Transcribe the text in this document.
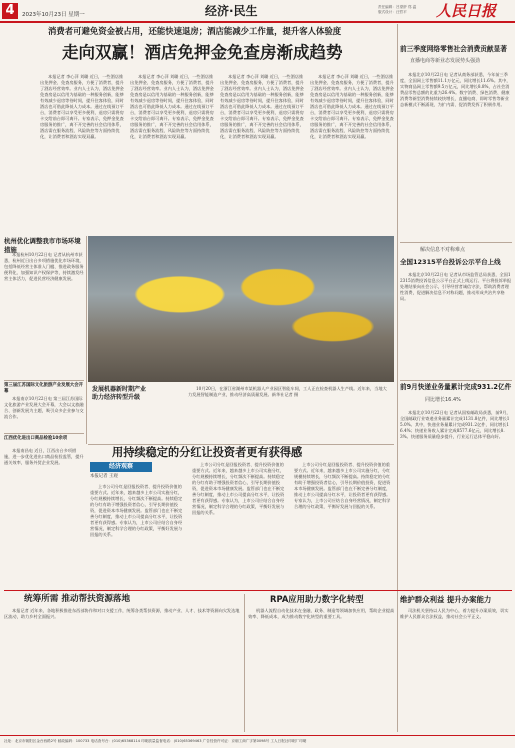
4	2023年10月23日 星期一	经济·民生	责任编辑：吕望舒 郑 温
版式设计：汪哲平	人民日报
消费者可避免资金被占用，还能快速退房；酒店能减少工作量，提升客人体验度
走向双赢！酒店免押金免查房渐成趋势

本报记者 李心萍 刘璐 近日，一些酒店推出免押金、免查房服务，方便了消费者，提升了酒店经营效率。业内人士认为，酒店免押金免查房是以信用为基础的一种服务创新，能够有效减少退房等待时间，提升住客体验，同时酒店也可借此降低人力成本。通过在线预订平台，消费者可以享受更多便利，退房只需将房卡交给前台即可离开。专家表示，免押金免查房服务的推广，离不开完善的社会信用体系，酒店需在服务流程、风险防控等方面持续优化，让消费者和酒店实现双赢。

本报记者 李心萍 刘璐 近日，一些酒店推出免押金、免查房服务，方便了消费者，提升了酒店经营效率。业内人士认为，酒店免押金免查房是以信用为基础的一种服务创新，能够有效减少退房等待时间，提升住客体验，同时酒店也可借此降低人力成本。通过在线预订平台，消费者可以享受更多便利，退房只需将房卡交给前台即可离开。专家表示，免押金免查房服务的推广，离不开完善的社会信用体系，酒店需在服务流程、风险防控等方面持续优化，让消费者和酒店实现双赢。

本报记者 李心萍 刘璐 近日，一些酒店推出免押金、免查房服务，方便了消费者，提升了酒店经营效率。业内人士认为，酒店免押金免查房是以信用为基础的一种服务创新，能够有效减少退房等待时间，提升住客体验，同时酒店也可借此降低人力成本。通过在线预订平台，消费者可以享受更多便利，退房只需将房卡交给前台即可离开。专家表示，免押金免查房服务的推广，离不开完善的社会信用体系，酒店需在服务流程、风险防控等方面持续优化，让消费者和酒店实现双赢。

本报记者 李心萍 刘璐 近日，一些酒店推出免押金、免查房服务，方便了消费者，提升了酒店经营效率。业内人士认为，酒店免押金免查房是以信用为基础的一种服务创新，能够有效减少退房等待时间，提升住客体验，同时酒店也可借此降低人力成本。通过在线预订平台，消费者可以享受更多便利，退房只需将房卡交给前台即可离开。专家表示，免押金免查房服务的推广，离不开完善的社会信用体系，酒店需在服务流程、风险防控等方面持续优化，让消费者和酒店实现双赢。

前三季度网络零售社会消费贡献显著
直播电商等新业态发展势头强劲

本报北京10月22日电 记者从商务部获悉，今年前三季度，全国网上零售额11.1万亿元，同比增长11.6%。其中，实物商品网上零售额9.5万亿元，同比增长8.8%，占社会消费品零售总额的比重为26.4%。数字消费、绿色消费、健康消费等新型消费持续较快增长，直播电商、即时零售等新业态新模式不断涌现，为扩内需、促消费发挥了积极作用。

解决信息不对称难点
全国12315平台投诉公示平台上线

本报北京10月22日电 记者从市场监管总局获悉，全国12315消费投诉信息公示平台正式上线运行。平台将投诉举报处理结果向社会公示，引导经营者诚信守法，帮助消费者理性消费，促进解决信息不对称问题，推动形成共治共享格局。

前9月快递业务量累计完成931.2亿件
同比增长16.4%

本报北京10月22日电 记者从国家邮政局获悉，前9月，全国邮政行业寄递业务量累计完成1131.8亿件，同比增长15.0%。其中，快递业务量累计完成931.2亿件，同比增长16.4%；快递业务收入累计完成8577.6亿元，同比增长8.3%。快递服务质量稳步提升，行业运行总体平稳向好。

杭州优化调整我市市场环境措施

本报杭州10月22日电 记者从杭州市获悉，杭州近日出台多项措施优化市场环境，包括降低经营主体准入门槛、推进政务服务便利化、加强知识产权保护等，持续激发经营主体活力，促进民营经济健康发展。

第三届江苏国际文化旅游产业发展大会开幕

本报南京10月22日电 第三届江苏国际文化旅游产业发展大会开幕，大会以文旅融合、创新发展为主题，吸引众多企业参与交流合作。

江西优化进出口商品检验10余项
发展机器新时期产业
助力经济转型升级

10月20日，在浙江省湖州市某机器人产业园区智能车间，工人正在检查机器人生产线。近年来，当地大力发展智能制造产业，推动经济高质量发展。新华社记者 摄

本报南昌电 近日，江西出台多项措施，进一步优化进出口商品检验监管，提升通关效率，服务外贸企业发展。

用持续稳定的分红让投资者更有获得感
经济观察
本报记者 王观

上市公司分红是回报投资者、提升投资价值的重要方式。近年来，越来越多上市公司实施分红，分红规模持续增长，分红频次不断提高。持续稳定的分红有助于增强投资者信心，引导长期价值投资，促进资本市场健康发展。监管部门也在不断完善分红制度，推动上市公司提高分红水平，让投资者更有获得感。专家认为，上市公司应结合自身经营情况，制定科学合理的分红政策，平衡好发展与回报的关系。

上市公司分红是回报投资者、提升投资价值的重要方式。近年来，越来越多上市公司实施分红，分红规模持续增长，分红频次不断提高。持续稳定的分红有助于增强投资者信心，引导长期价值投资，促进资本市场健康发展。监管部门也在不断完善分红制度，推动上市公司提高分红水平，让投资者更有获得感。专家认为，上市公司应结合自身经营情况，制定科学合理的分红政策，平衡好发展与回报的关系。

上市公司分红是回报投资者、提升投资价值的重要方式。近年来，越来越多上市公司实施分红，分红规模持续增长，分红频次不断提高。持续稳定的分红有助于增强投资者信心，引导长期价值投资，促进资本市场健康发展。监管部门也在不断完善分红制度，推动上市公司提高分红水平，让投资者更有获得感。专家认为，上市公司应结合自身经营情况，制定科学合理的分红政策，平衡好发展与回报的关系。

统筹所需 推动帮扶资源落地

本报记者 近年来，各地积极推进东西部协作和对口支援工作，统筹各类帮扶资源，推动产业、人才、技术等资源向欠发达地区流动，助力乡村全面振兴。

RPA应用助力数字化转型

机器人流程自动化技术在金融、政务、制造等领域加快应用，帮助企业提高效率、降低成本，成为推动数字化转型的重要工具。

维护群众利益 提升办案能力

司法机关坚持以人民为中心，着力提升办案质效，切实维护人民群众合法权益，推动社会公平正义。

社址：北京市朝阳区金台西路2号 邮政编码：100733 电话查号台：(010)65368114 印刷质量监督电话：(010)65369463 广告经营许可证：京朝工商广字第0098号 工人日报社印刷厂印刷
